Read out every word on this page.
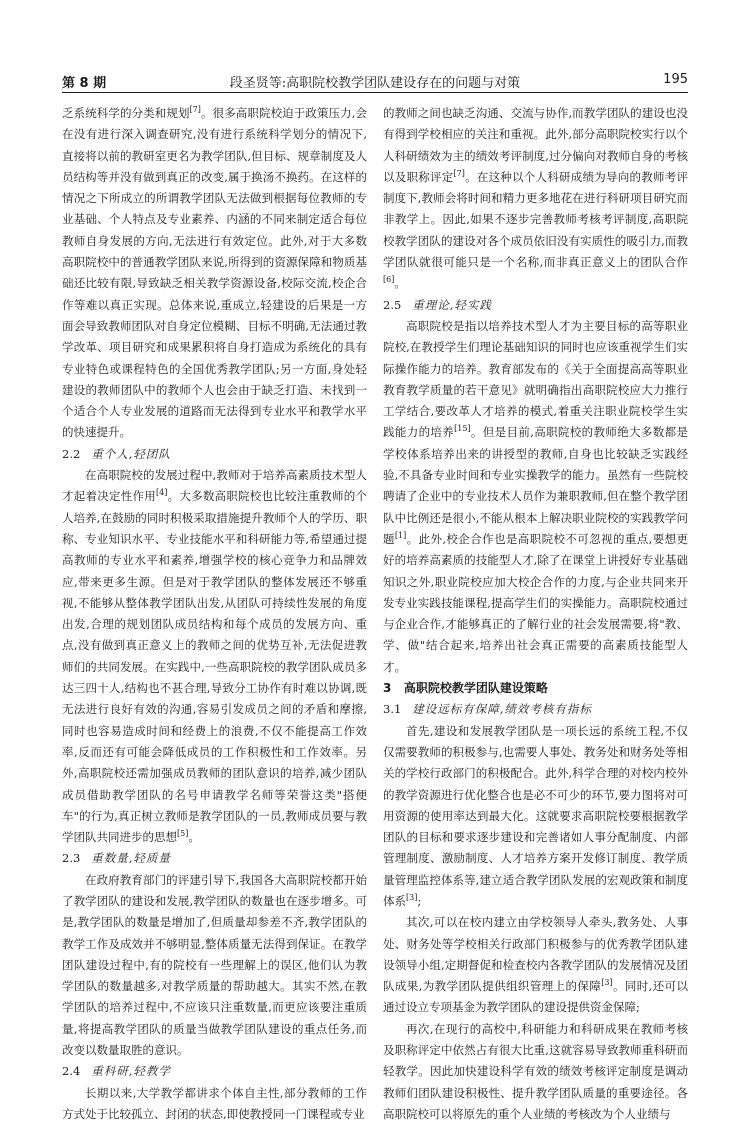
第 8 期	段圣贤等:高职院校教学团队建设存在的问题与对策	195

乏系统科学的分类和规划[7]。很多高职院校迫于政策压力,会在没有进行深入调查研究,没有进行系统科学划分的情况下,直接将以前的教研室更名为教学团队,但目标、规章制度及人员结构等并没有做到真正的改变,属于换汤不换药。在这样的情况之下所成立的所谓教学团队无法做到根据每位教师的专业基础、个人特点及专业素养、内涵的不同来制定适合每位教师自身发展的方向,无法进行有效定位。此外,对于大多数高职院校中的普通教学团队来说,所得到的资源保障和物质基础还比较有限,导致缺乏相关教学资源设备,校际交流,校企合作等难以真正实现。总体来说,重成立,轻建设的后果是一方面会导致教师团队对自身定位模糊、目标不明确,无法通过教学改革、项目研究和成果累积将自身打造成为系统化的具有专业特色或课程特色的全国优秀教学团队;另一方面,身处轻建设的教师团队中的教师个人也会由于缺乏打造、未找到一个适合个人专业发展的道路而无法得到专业水平和教学水平的快速提升。

2.2 重个人,轻团队

在高职院校的发展过程中,教师对于培养高素质技术型人才起着决定性作用[4]。大多数高职院校也比较注重教师的个人培养,在鼓励的同时积极采取措施提升教师个人的学历、职称、专业知识水平、专业技能水平和科研能力等,希望通过提高教师的专业水平和素养,增强学校的核心竞争力和品牌效应,带来更多生源。但是对于教学团队的整体发展还不够重视,不能够从整体教学团队出发,从团队可持续性发展的角度出发,合理的规划团队成员结构和每个成员的发展方向、重点,没有做到真正意义上的教师之间的优势互补,无法促进教师们的共同发展。在实践中,一些高职院校的教学团队成员多达三四十人,结构也不甚合理,导致分工协作有时难以协调,既无法进行良好有效的沟通,容易引发成员之间的矛盾和摩擦,同时也容易造成时间和经费上的浪费,不仅不能提高工作效率,反而还有可能会降低成员的工作积极性和工作效率。另外,高职院校还需加强成员教师的团队意识的培养,减少团队成员借助教学团队的名号申请教学名师等荣誉这类"搭便车"的行为,真正树立教师是教学团队的一员,教师成员要与教学团队共同进步的思想[5]。

2.3 重数量,轻质量

在政府教育部门的评建引导下,我国各大高职院校都开始了教学团队的建设和发展,教学团队的数量也在逐步增多。可是,教学团队的数量是增加了,但质量却参差不齐,教学团队的教学工作及成效并不够明显,整体质量无法得到保证。在教学团队建设过程中,有的院校有一些理解上的误区,他们认为教学团队的数量越多,对教学质量的帮助越大。其实不然,在教学团队的培养过程中,不应该只注重数量,而更应该要注重质量,将提高教学团队的质量当做教学团队建设的重点任务,而改变以数量取胜的意识。

2.4 重科研,轻教学

长期以来,大学教学都讲求个体自主性,部分教师的工作方式处于比较孤立、封闭的状态,即使教授同一门课程或专业

的教师之间也缺乏沟通、交流与协作,而教学团队的建设也没有得到学校相应的关注和重视。此外,部分高职院校实行以个人科研绩效为主的绩效考评制度,过分偏向对教师自身的考核以及职称评定[7]。在这种以个人科研成绩为导向的教师考评制度下,教师会将时间和精力更多地花在进行科研项目研究而非教学上。因此,如果不逐步完善教师考核考评制度,高职院校教学团队的建设对各个成员依旧没有实质性的吸引力,而教学团队就很可能只是一个名称,而非真正意义上的团队合作[6]。

2.5 重理论,轻实践

高职院校是指以培养技术型人才为主要目标的高等职业院校,在教授学生们理论基础知识的同时也应该重视学生们实际操作能力的培养。教育部发布的《关于全面提高高等职业教育教学质量的若干意见》就明确指出高职院校应大力推行工学结合,要改革人才培养的模式,着重关注职业院校学生实践能力的培养[15]。但是目前,高职院校的教师绝大多数都是学校体系培养出来的讲授型的教师,自身也比较缺乏实践经验,不具备专业时间和专业实操教学的能力。虽然有一些院校聘请了企业中的专业技术人员作为兼职教师,但在整个教学团队中比例还是很小,不能从根本上解决职业院校的实践教学问题[1]。此外,校企合作也是高职院校不可忽视的重点,要想更好的培养高素质的技能型人才,除了在课堂上讲授好专业基础知识之外,职业院校应加大校企合作的力度,与企业共同来开发专业实践技能课程,提高学生们的实操能力。高职院校通过与企业合作,才能够真正的了解行业的社会发展需要,将"教、学、做"结合起来,培养出社会真正需要的高素质技能型人才。

3 高职院校教学团队建设策略
3.1 建设远标有保障,绩效考核有指标

首先,建设和发展教学团队是一项长远的系统工程,不仅仅需要教师的积极参与,也需要人事处、教务处和财务处等相关的学校行政部门的积极配合。此外,科学合理的对校内校外的教学资源进行优化整合也是必不可少的环节,要力图将对可用资源的使用率达到最大化。这就要求高职院校要根据教学团队的目标和要求逐步建设和完善诸如人事分配制度、内部管理制度、激励制度、人才培养方案开发修订制度、教学质量管理监控体系等,建立适合教学团队发展的宏观政策和制度体系[3];

其次,可以在校内建立由学校领导人牵头,教务处、人事处、财务处等学校相关行政部门积极参与的优秀教学团队建设领导小组,定期督促和检查校内各教学团队的发展情况及团队成果,为教学团队提供组织管理上的保障[3]。同时,还可以通过设立专项基金为教学团队的建设提供资金保障;

再次,在现行的高校中,科研能力和科研成果在教师考核及职称评定中依然占有很大比重,这就容易导致教师重科研而轻教学。因此加快建设科学有效的绩效考核评定制度是调动教师们团队建设积极性、提升教学团队质量的重要途径。各高职院校可以将原先的重个人业绩的考核改为个人业绩与
